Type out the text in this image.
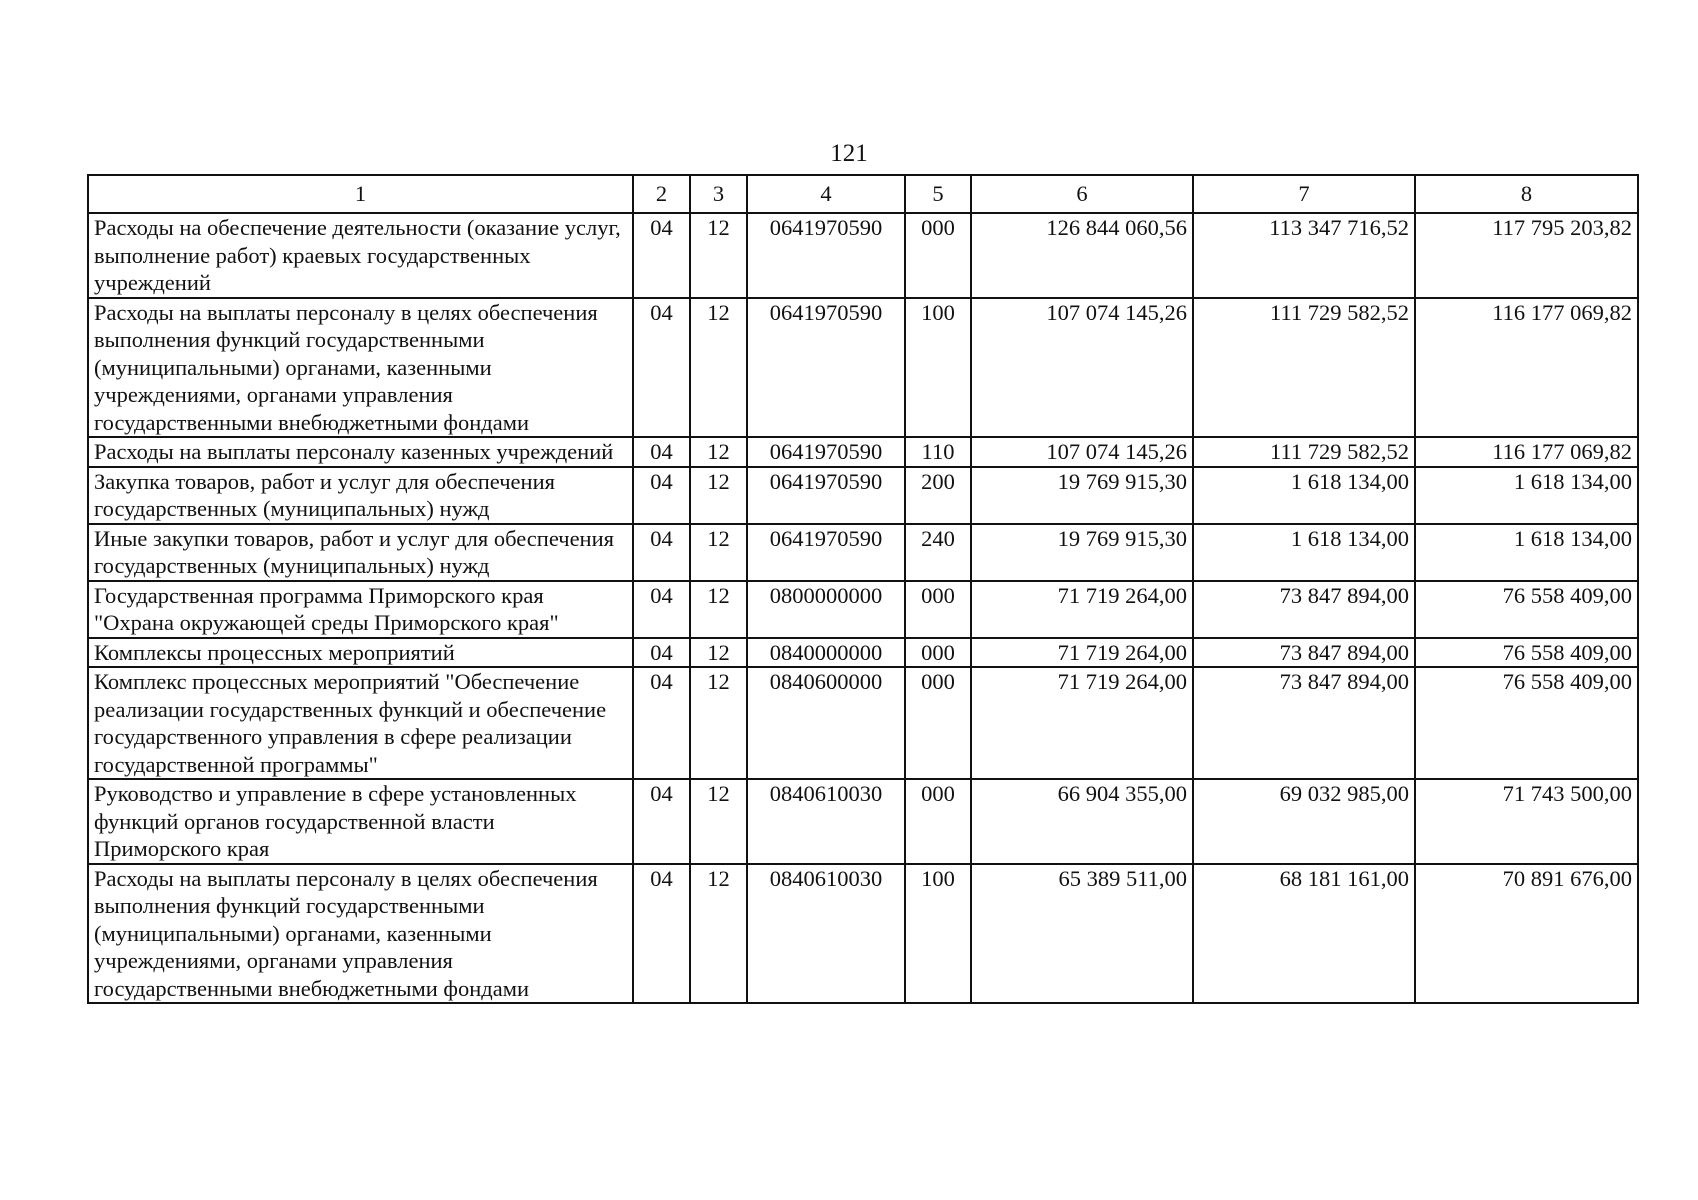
121
1	2	3	4	5	6	7	8
Расходы на обеспечение деятельности (оказание услуг, выполнение работ) краевых государственных учреждений	04	12	0641970590	000	126 844 060,56	113 347 716,52	117 795 203,82
Расходы на выплаты персоналу в целях обеспечения выполнения функций государственными (муниципальными) органами, казенными учреждениями, органами управления государственными внебюджетными фондами	04	12	0641970590	100	107 074 145,26	111 729 582,52	116 177 069,82
Расходы на выплаты персоналу казенных учреждений	04	12	0641970590	110	107 074 145,26	111 729 582,52	116 177 069,82
Закупка товаров, работ и услуг для обеспечения государственных (муниципальных) нужд	04	12	0641970590	200	19 769 915,30	1 618 134,00	1 618 134,00
Иные закупки товаров, работ и услуг для обеспечения государственных (муниципальных) нужд	04	12	0641970590	240	19 769 915,30	1 618 134,00	1 618 134,00
Государственная программа Приморского края "Охрана окружающей среды Приморского края"	04	12	0800000000	000	71 719 264,00	73 847 894,00	76 558 409,00
Комплексы процессных мероприятий	04	12	0840000000	000	71 719 264,00	73 847 894,00	76 558 409,00
Комплекс процессных мероприятий "Обеспечение реализации государственных функций и обеспечение государственного управления в сфере реализации государственной программы"	04	12	0840600000	000	71 719 264,00	73 847 894,00	76 558 409,00
Руководство и управление в сфере установленных функций органов государственной власти Приморского края	04	12	0840610030	000	66 904 355,00	69 032 985,00	71 743 500,00
Расходы на выплаты персоналу в целях обеспечения выполнения функций государственными (муниципальными) органами, казенными учреждениями, органами управления государственными внебюджетными фондами	04	12	0840610030	100	65 389 511,00	68 181 161,00	70 891 676,00
